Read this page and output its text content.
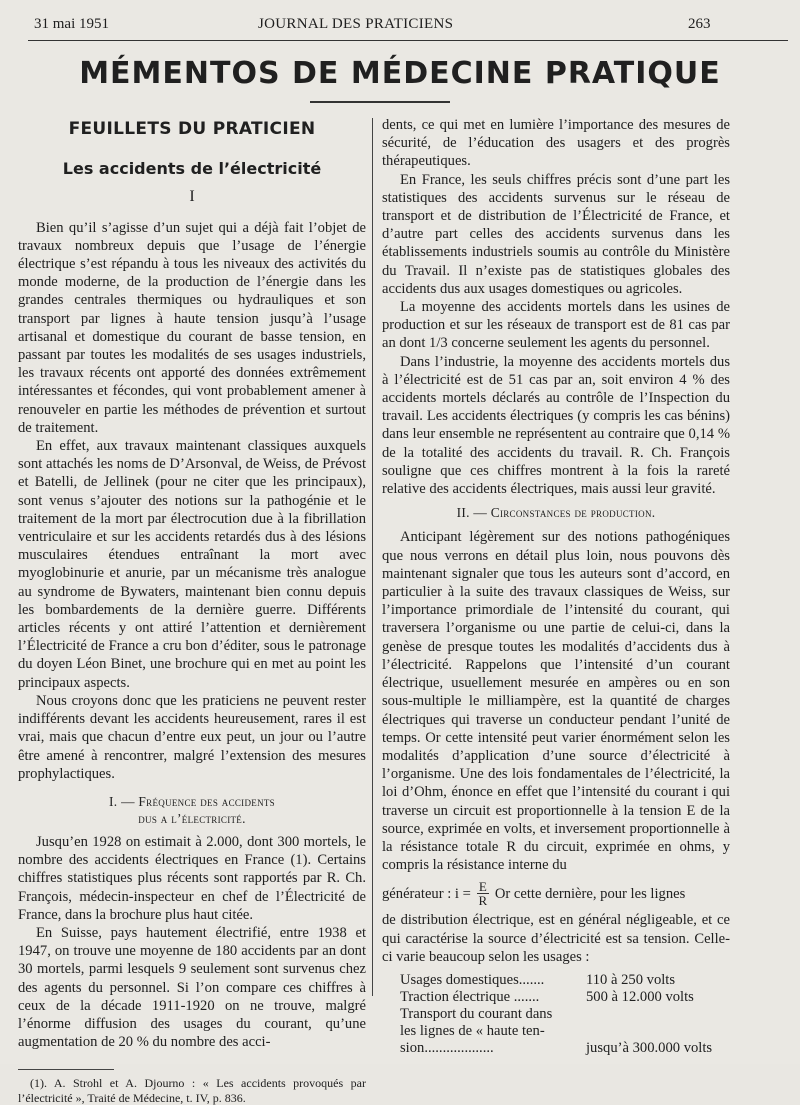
31 mai 1951	JOURNAL DES PRATICIENS	263
MÉMENTOS DE MÉDECINE PRATIQUE
FEUILLETS DU PRATICIEN
Les accidents de l’électricité
I

Bien qu’il s’agisse d’un sujet qui a déjà fait l’objet de travaux nombreux depuis que l’usage de l’énergie électrique s’est répandu à tous les niveaux des activités du monde moderne, de la production de l’énergie dans les grandes centrales thermiques ou hydrauliques et son transport par lignes à haute tension jusqu’à l’usage artisanal et domestique du courant de basse tension, en passant par toutes les modalités de ses usages industriels, les travaux récents ont apporté des données extrêmement intéressantes et fécondes, qui vont probablement amener à renouveler en partie les méthodes de prévention et surtout de traitement.

En effet, aux travaux maintenant classiques auxquels sont attachés les noms de D’Arsonval, de Weiss, de Prévost et Batelli, de Jellinek (pour ne citer que les principaux), sont venus s’ajouter des notions sur la pathogénie et le traitement de la mort par électrocution due à la fibrillation ventriculaire et sur les accidents retardés dus à des lésions musculaires étendues entraînant la mort avec myoglobinurie et anurie, par un mécanisme très analogue au syndrome de Bywaters, maintenant bien connu depuis les bombardements de la dernière guerre. Différents articles récents y ont attiré l’attention et dernièrement l’Électricité de France a cru bon d’éditer, sous le patronage du doyen Léon Binet, une brochure qui en met au point les principaux aspects.

Nous croyons donc que les praticiens ne peuvent rester indifférents devant les accidents heureusement, rares il est vrai, mais que chacun d’entre eux peut, un jour ou l’autre être amené à rencontrer, malgré l’extension des mesures prophylactiques.

I. — Fréquence des accidents
dus a l’électricité.

Jusqu’en 1928 on estimait à 2.000, dont 300 mortels, le nombre des accidents électriques en France (1). Certains chiffres statistiques plus récents sont rapportés par R. Ch. François, médecin-inspecteur en chef de l’Électricité de France, dans la brochure plus haut citée.

En Suisse, pays hautement électrifié, entre 1938 et 1947, on trouve une moyenne de 180 accidents par an dont 30 mortels, parmi lesquels 9 seulement sont survenus chez des agents du personnel. Si l’on compare ces chiffres à ceux de la décade 1911-1920 on ne trouve, malgré l’énorme diffusion des usages du courant, qu’une augmentation de 20 % du nombre des acci-

(1). A. Strohl et A. Djourno : « Les accidents provoqués par l’électricité », Traité de Médecine, t. IV, p. 836.

dents, ce qui met en lumière l’importance des mesures de sécurité, de l’éducation des usagers et des progrès thérapeutiques.

En France, les seuls chiffres précis sont d’une part les statistiques des accidents survenus sur le réseau de transport et de distribution de l’Électricité de France, et d’autre part celles des accidents survenus dans les établissements industriels soumis au contrôle du Ministère du Travail. Il n’existe pas de statistiques globales des accidents dus aux usages domestiques ou agricoles.

La moyenne des accidents mortels dans les usines de production et sur les réseaux de transport est de 81 cas par an dont 1/3 concerne seulement les agents du personnel.

Dans l’industrie, la moyenne des accidents mortels dus à l’électricité est de 51 cas par an, soit environ 4 % des accidents mortels déclarés au contrôle de l’Inspection du travail. Les accidents électriques (y compris les cas bénins) dans leur ensemble ne représentent au contraire que 0,14 % de la totalité des accidents du travail. R. Ch. François souligne que ces chiffres montrent à la fois la rareté relative des accidents électriques, mais aussi leur gravité.

II. — Circonstances de production.

Anticipant légèrement sur des notions pathogéniques que nous verrons en détail plus loin, nous pouvons dès maintenant signaler que tous les auteurs sont d’accord, en particulier à la suite des travaux classiques de Weiss, sur l’importance primordiale de l’intensité du courant, qui traversera l’organisme ou une partie de celui-ci, dans la genèse de presque toutes les modalités d’accidents dus à l’électricité. Rappelons que l’intensité d’un courant électrique, usuellement mesurée en ampères ou en son sous-multiple le milliampère, est la quantité de charges électriques qui traverse un conducteur pendant l’unité de temps. Or cette intensité peut varier énormément selon les modalités d’application d’une source d’électricité à l’organisme. Une des lois fondamentales de l’électricité, la loi d’Ohm, énonce en effet que l’intensité du courant i qui traverse un circuit est proportionnelle à la tension E de la source, exprimée en volts, et inversement proportionnelle à la résistance totale R du circuit, exprimée en ohms, y compris la résistance interne du

générateur : $i = \frac{E}{R}$ Or cette dernière, pour les lignes

de distribution électrique, est en général négligeable, et ce qui caractérise la source d’électricité est sa tension. Celle-ci varie beaucoup selon les usages :

Usages domestiques.......	110 à 250 volts
Traction électrique .......	500 à 12.000 volts
Transport du courant dans
les lignes de « haute ten-
sion...................	jusqu’à 300.000 volts
